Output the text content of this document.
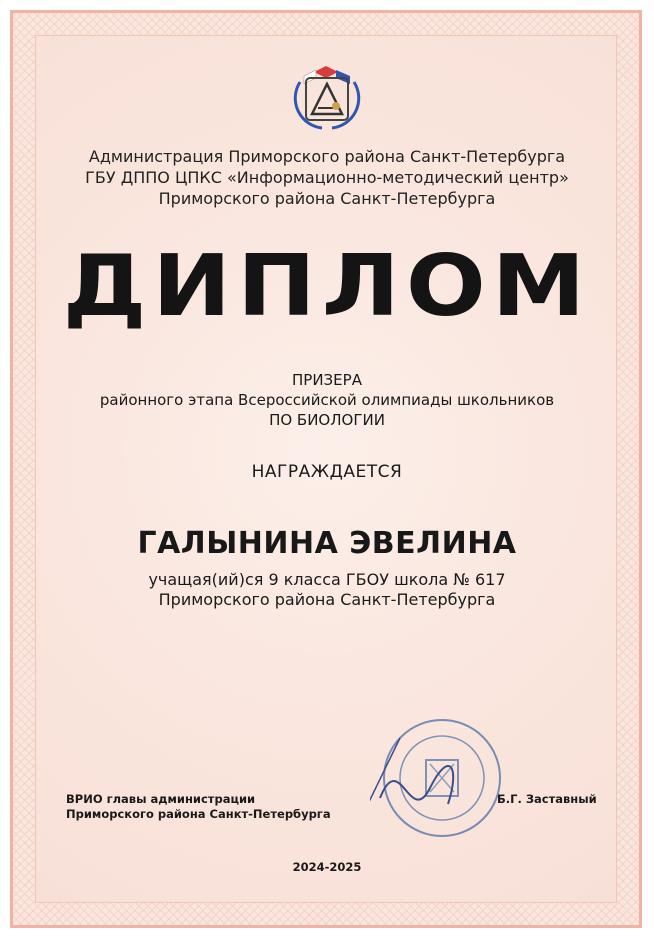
Администрация Приморского района Санкт-Петербурга
ГБУ ДППО ЦПКС «Информационно-методический центр»
Приморского района Санкт-Петербурга
ДИПЛОМ
ПРИЗЕРА
районного этапа Всероссийской олимпиады школьников
ПО БИОЛОГИИ
НАГРАЖДАЕТСЯ
ГАЛЫНИНА ЭВЕЛИНА
учащая(ий)ся 9 класса ГБОУ школа № 617
Приморского района Санкт-Петербурга
ВРИО главы администрации
Приморского района Санкт-Петербурга
Б.Г. Заставный
2024-2025
